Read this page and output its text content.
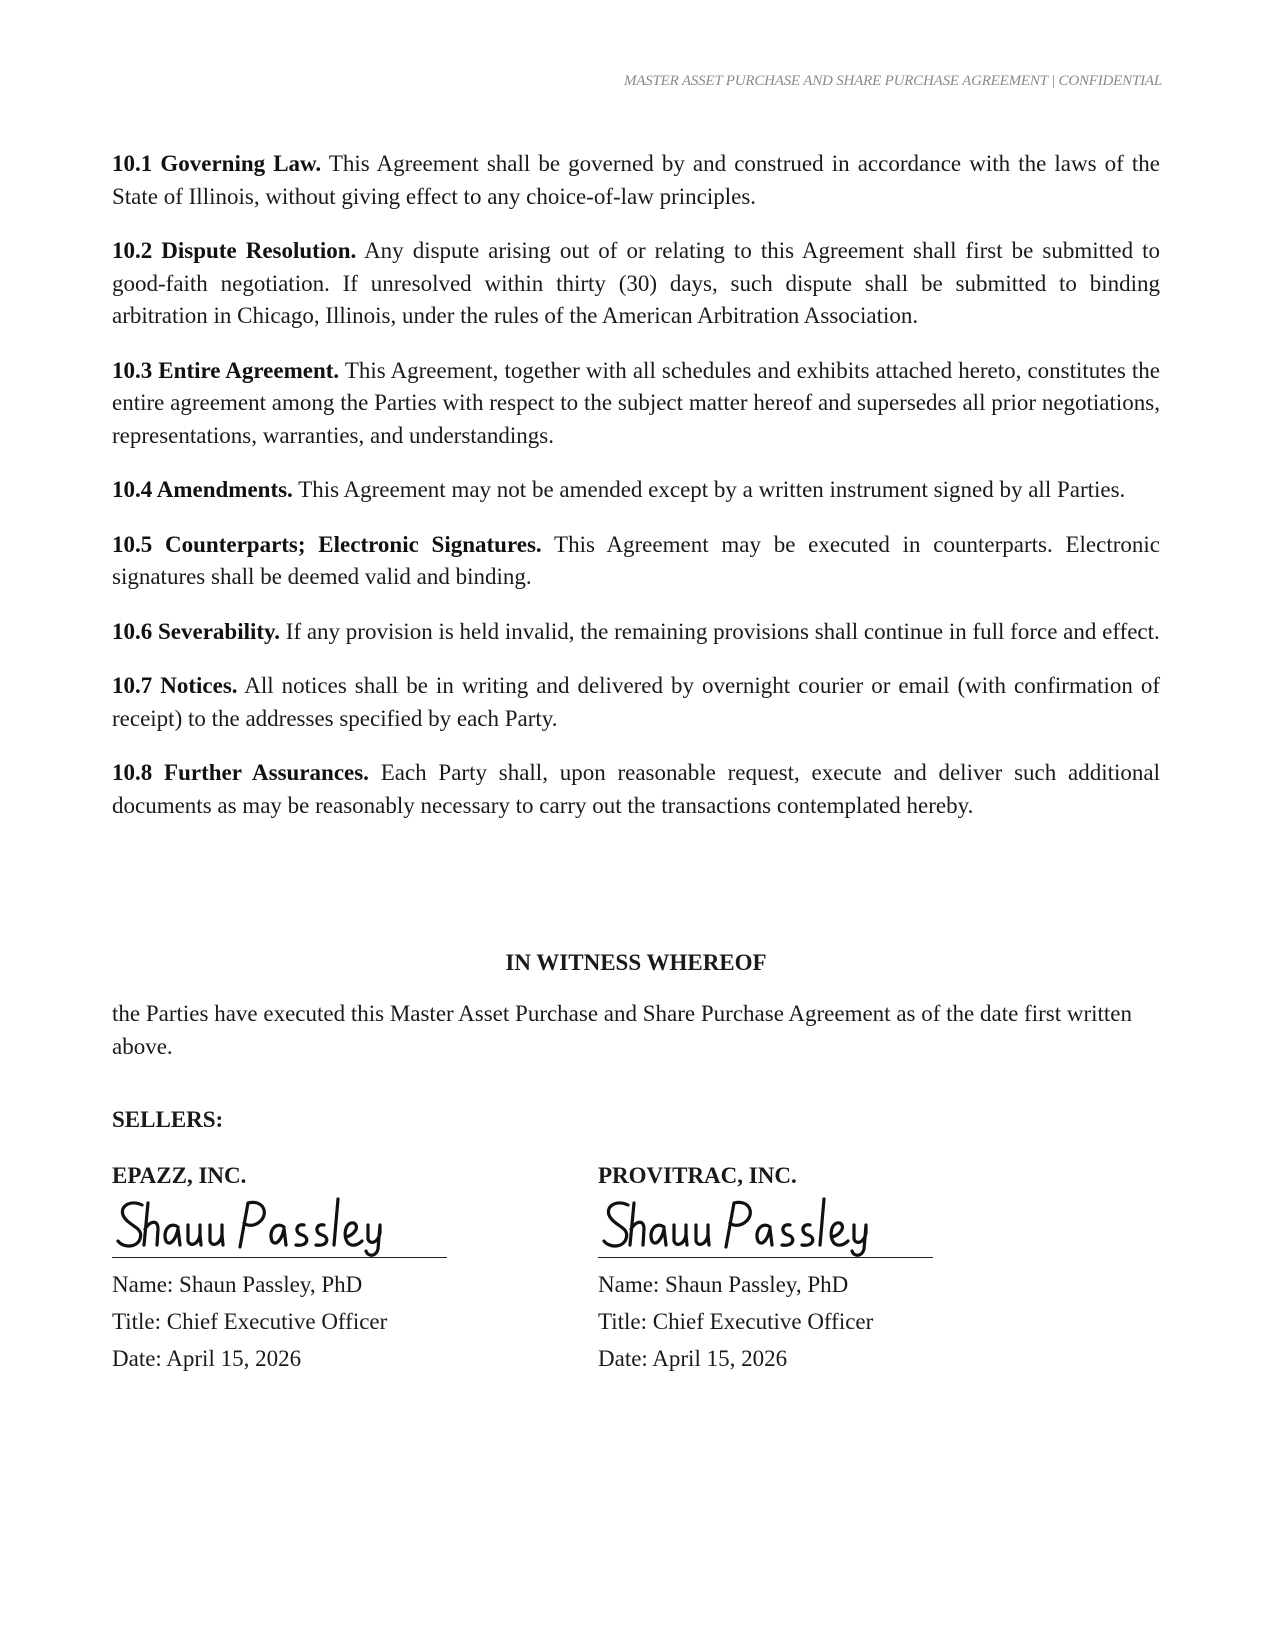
MASTER ASSET PURCHASE AND SHARE PURCHASE AGREEMENT | CONFIDENTIAL

10.1 Governing Law. This Agreement shall be governed by and construed in accordance with the laws of the State of Illinois, without giving effect to any choice-of-law principles.

10.2 Dispute Resolution. Any dispute arising out of or relating to this Agreement shall first be submitted to good-faith negotiation. If unresolved within thirty (30) days, such dispute shall be submitted to binding arbitration in Chicago, Illinois, under the rules of the American Arbitration Association.

10.3 Entire Agreement. This Agreement, together with all schedules and exhibits attached hereto, constitutes the entire agreement among the Parties with respect to the subject matter hereof and supersedes all prior negotiations, representations, warranties, and understandings.

10.4 Amendments. This Agreement may not be amended except by a written instrument signed by all Parties.

10.5 Counterparts; Electronic Signatures. This Agreement may be executed in counterparts. Electronic signatures shall be deemed valid and binding.

10.6 Severability. If any provision is held invalid, the remaining provisions shall continue in full force and effect.

10.7 Notices. All notices shall be in writing and delivered by overnight courier or email (with confirmation of receipt) to the addresses specified by each Party.

10.8 Further Assurances. Each Party shall, upon reasonable request, execute and deliver such additional documents as may be reasonably necessary to carry out the transactions contemplated hereby.

IN WITNESS WHEREOF

the Parties have executed this Master Asset Purchase and Share Purchase Agreement as of the date first written above.

SELLERS:

EPAZZ, INC.

Name: Shaun Passley, PhD
Title: Chief Executive Officer
Date: April 15, 2026

PROVITRAC, INC.

Name: Shaun Passley, PhD
Title: Chief Executive Officer
Date: April 15, 2026
